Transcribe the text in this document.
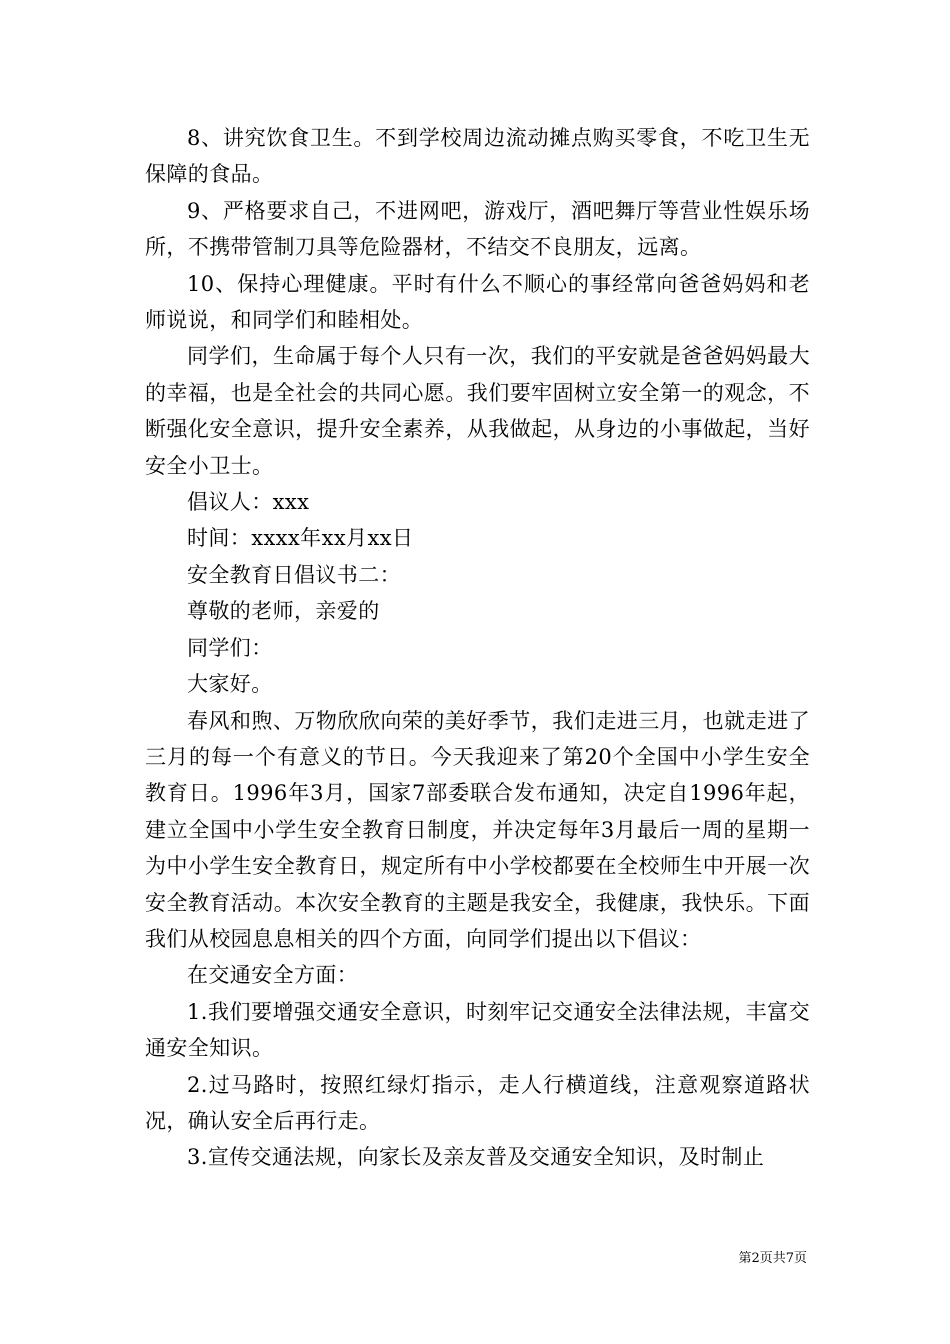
8、讲究饮食卫生。不到学校周边流动摊点购买零食，不吃卫生无保障的食品。

9、严格要求自己，不进网吧，游戏厅，酒吧舞厅等营业性娱乐场所，不携带管制刀具等危险器材，不结交不良朋友，远离。

10、保持心理健康。平时有什么不顺心的事经常向爸爸妈妈和老师说说，和同学们和睦相处。

同学们，生命属于每个人只有一次，我们的平安就是爸爸妈妈最大的幸福，也是全社会的共同心愿。我们要牢固树立安全第一的观念，不断强化安全意识，提升安全素养，从我做起，从身边的小事做起，当好安全小卫士。

倡议人：xxx

时间：xxxx年xx月xx日

安全教育日倡议书二：

尊敬的老师，亲爱的

同学们：

大家好。

春风和煦、万物欣欣向荣的美好季节，我们走进三月，也就走进了三月的每一个有意义的节日。今天我迎来了第20个全国中小学生安全教育日。1996年3月，国家7部委联合发布通知，决定自1996年起，建立全国中小学生安全教育日制度，并决定每年3月最后一周的星期一为中小学生安全教育日，规定所有中小学校都要在全校师生中开展一次安全教育活动。本次安全教育的主题是我安全，我健康，我快乐。下面我们从校园息息相关的四个方面，向同学们提出以下倡议：

在交通安全方面：

1.我们要增强交通安全意识，时刻牢记交通安全法律法规，丰富交通安全知识。

2.过马路时，按照红绿灯指示，走人行横道线，注意观察道路状况，确认安全后再行走。

3.宣传交通法规，向家长及亲友普及交通安全知识，及时制止

第2页共7页
